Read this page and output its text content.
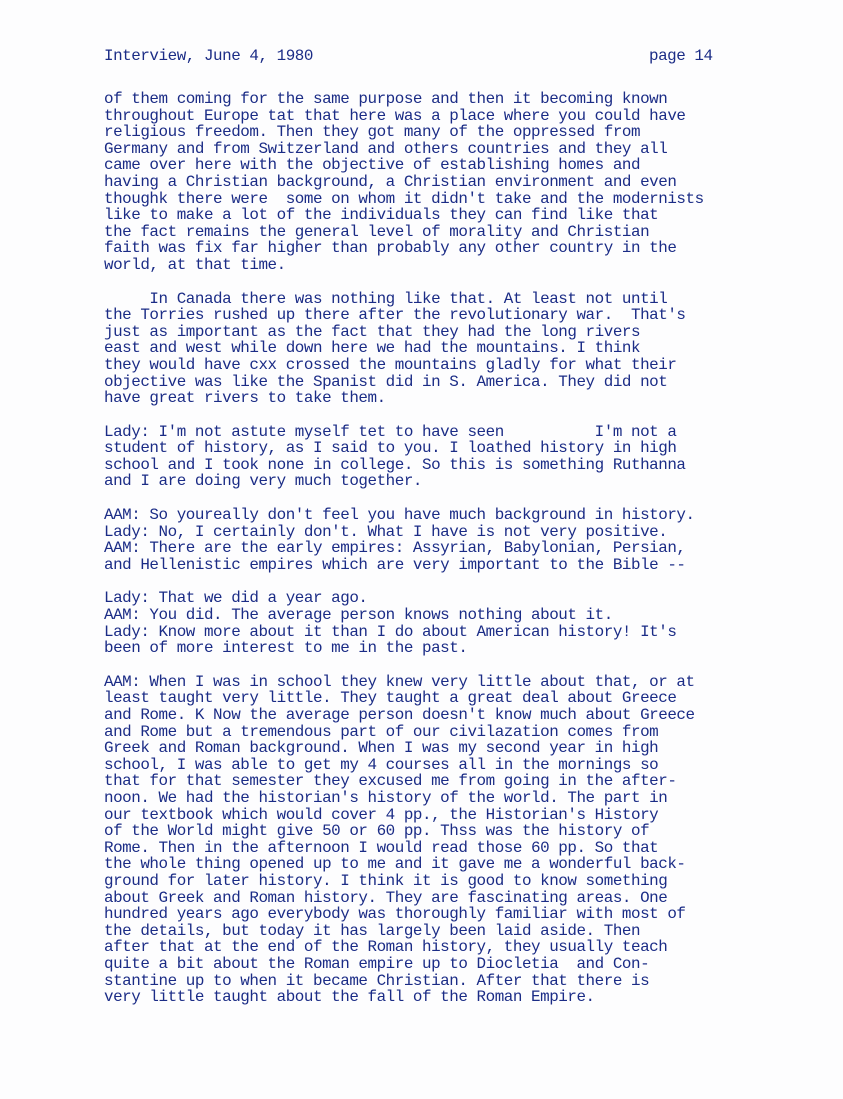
Interview, June 4, 1980	page 14
of them coming for the same purpose and then it becoming known
throughout Europe tat that here was a place where you could have
religious freedom. Then they got many of the oppressed from
Germany and from Switzerland and others countries and they all
came over here with the objective of establishing homes and
having a Christian background, a Christian environment and even
thoughk there were  some on whom it didn't take and the modernists
like to make a lot of the individuals they can find like that
the fact remains the general level of morality and Christian
faith was fix far higher than probably any other country in the
world, at that time.
In Canada there was nothing like that. At least not until
the Torries rushed up there after the revolutionary war.  That's
just as important as the fact that they had the long rivers
east and west while down here we had the mountains. I think
they would have cxx crossed the mountains gladly for what their
objective was like the Spanist did in S. America. They did not
have great rivers to take them.
Lady: I'm not astute myself tet to have seen          I'm not a
student of history, as I said to you. I loathed history in high
school and I took none in college. So this is something Ruthanna
and I are doing very much together.
AAM: So youreally don't feel you have much background in history.
Lady: No, I certainly don't. What I have is not very positive.
AAM: There are the early empires: Assyrian, Babylonian, Persian,
and Hellenistic empires which are very important to the Bible --
Lady: That we did a year ago.
AAM: You did. The average person knows nothing about it.
Lady: Know more about it than I do about American history! It's
been of more interest to me in the past.
AAM: When I was in school they knew very little about that, or at
least taught very little. They taught a great deal about Greece
and Rome. K Now the average person doesn't know much about Greece
and Rome but a tremendous part of our civilazation comes from
Greek and Roman background. When I was my second year in high
school, I was able to get my 4 courses all in the mornings so
that for that semester they excused me from going in the after-
noon. We had the historian's history of the world. The part in
our textbook which would cover 4 pp., the Historian's History
of the World might give 50 or 60 pp. Thss was the history of
Rome. Then in the afternoon I would read those 60 pp. So that
the whole thing opened up to me and it gave me a wonderful back-
ground for later history. I think it is good to know something
about Greek and Roman history. They are fascinating areas. One
hundred years ago everybody was thoroughly familiar with most of
the details, but today it has largely been laid aside. Then
after that at the end of the Roman history, they usually teach
quite a bit about the Roman empire up to Diocletia  and Con-
stantine up to when it became Christian. After that there is
very little taught about the fall of the Roman Empire.
